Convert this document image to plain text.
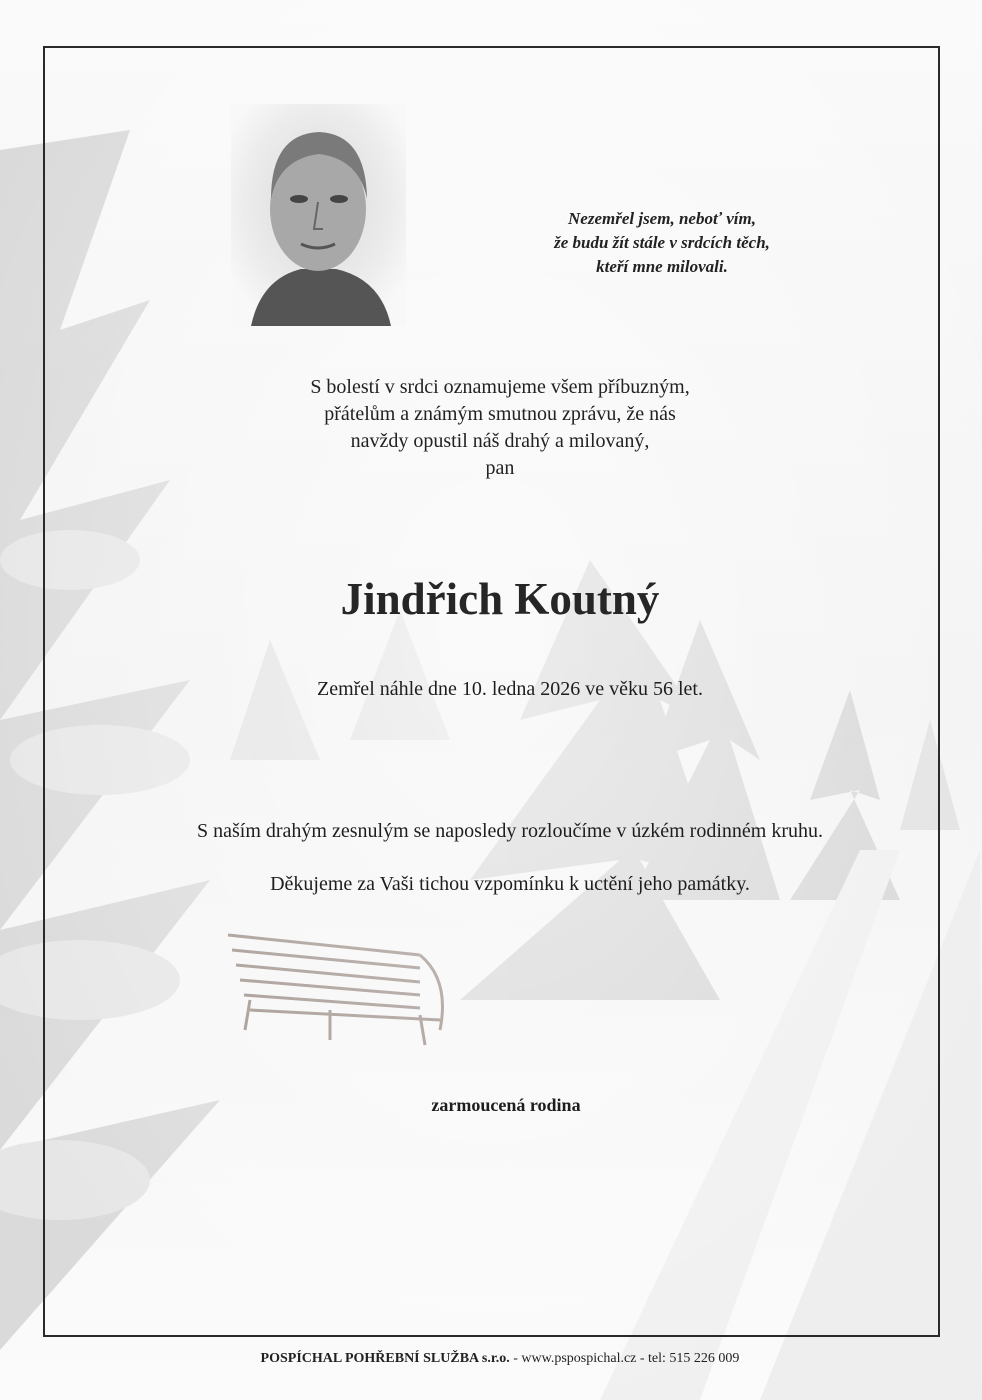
Nezemřel jsem, neboť vím,
že budu žít stále v srdcích těch,
kteří mne milovali.
S bolestí v srdci oznamujeme všem příbuzným,
přátelům a známým smutnou zprávu, že nás
navždy opustil náš drahý a milovaný,
pan
Jindřich Koutný
Zemřel náhle dne 10. ledna 2026 ve věku 56 let.
S naším drahým zesnulým se naposledy rozloučíme v úzkém rodinném kruhu.
Děkujeme za Vaši tichou vzpomínku k uctění jeho památky.
zarmoucená rodina
POSPÍCHAL POHŘEBNÍ SLUŽBA s.r.o. - www.psposp​ichal.cz - tel: 515 226 009
